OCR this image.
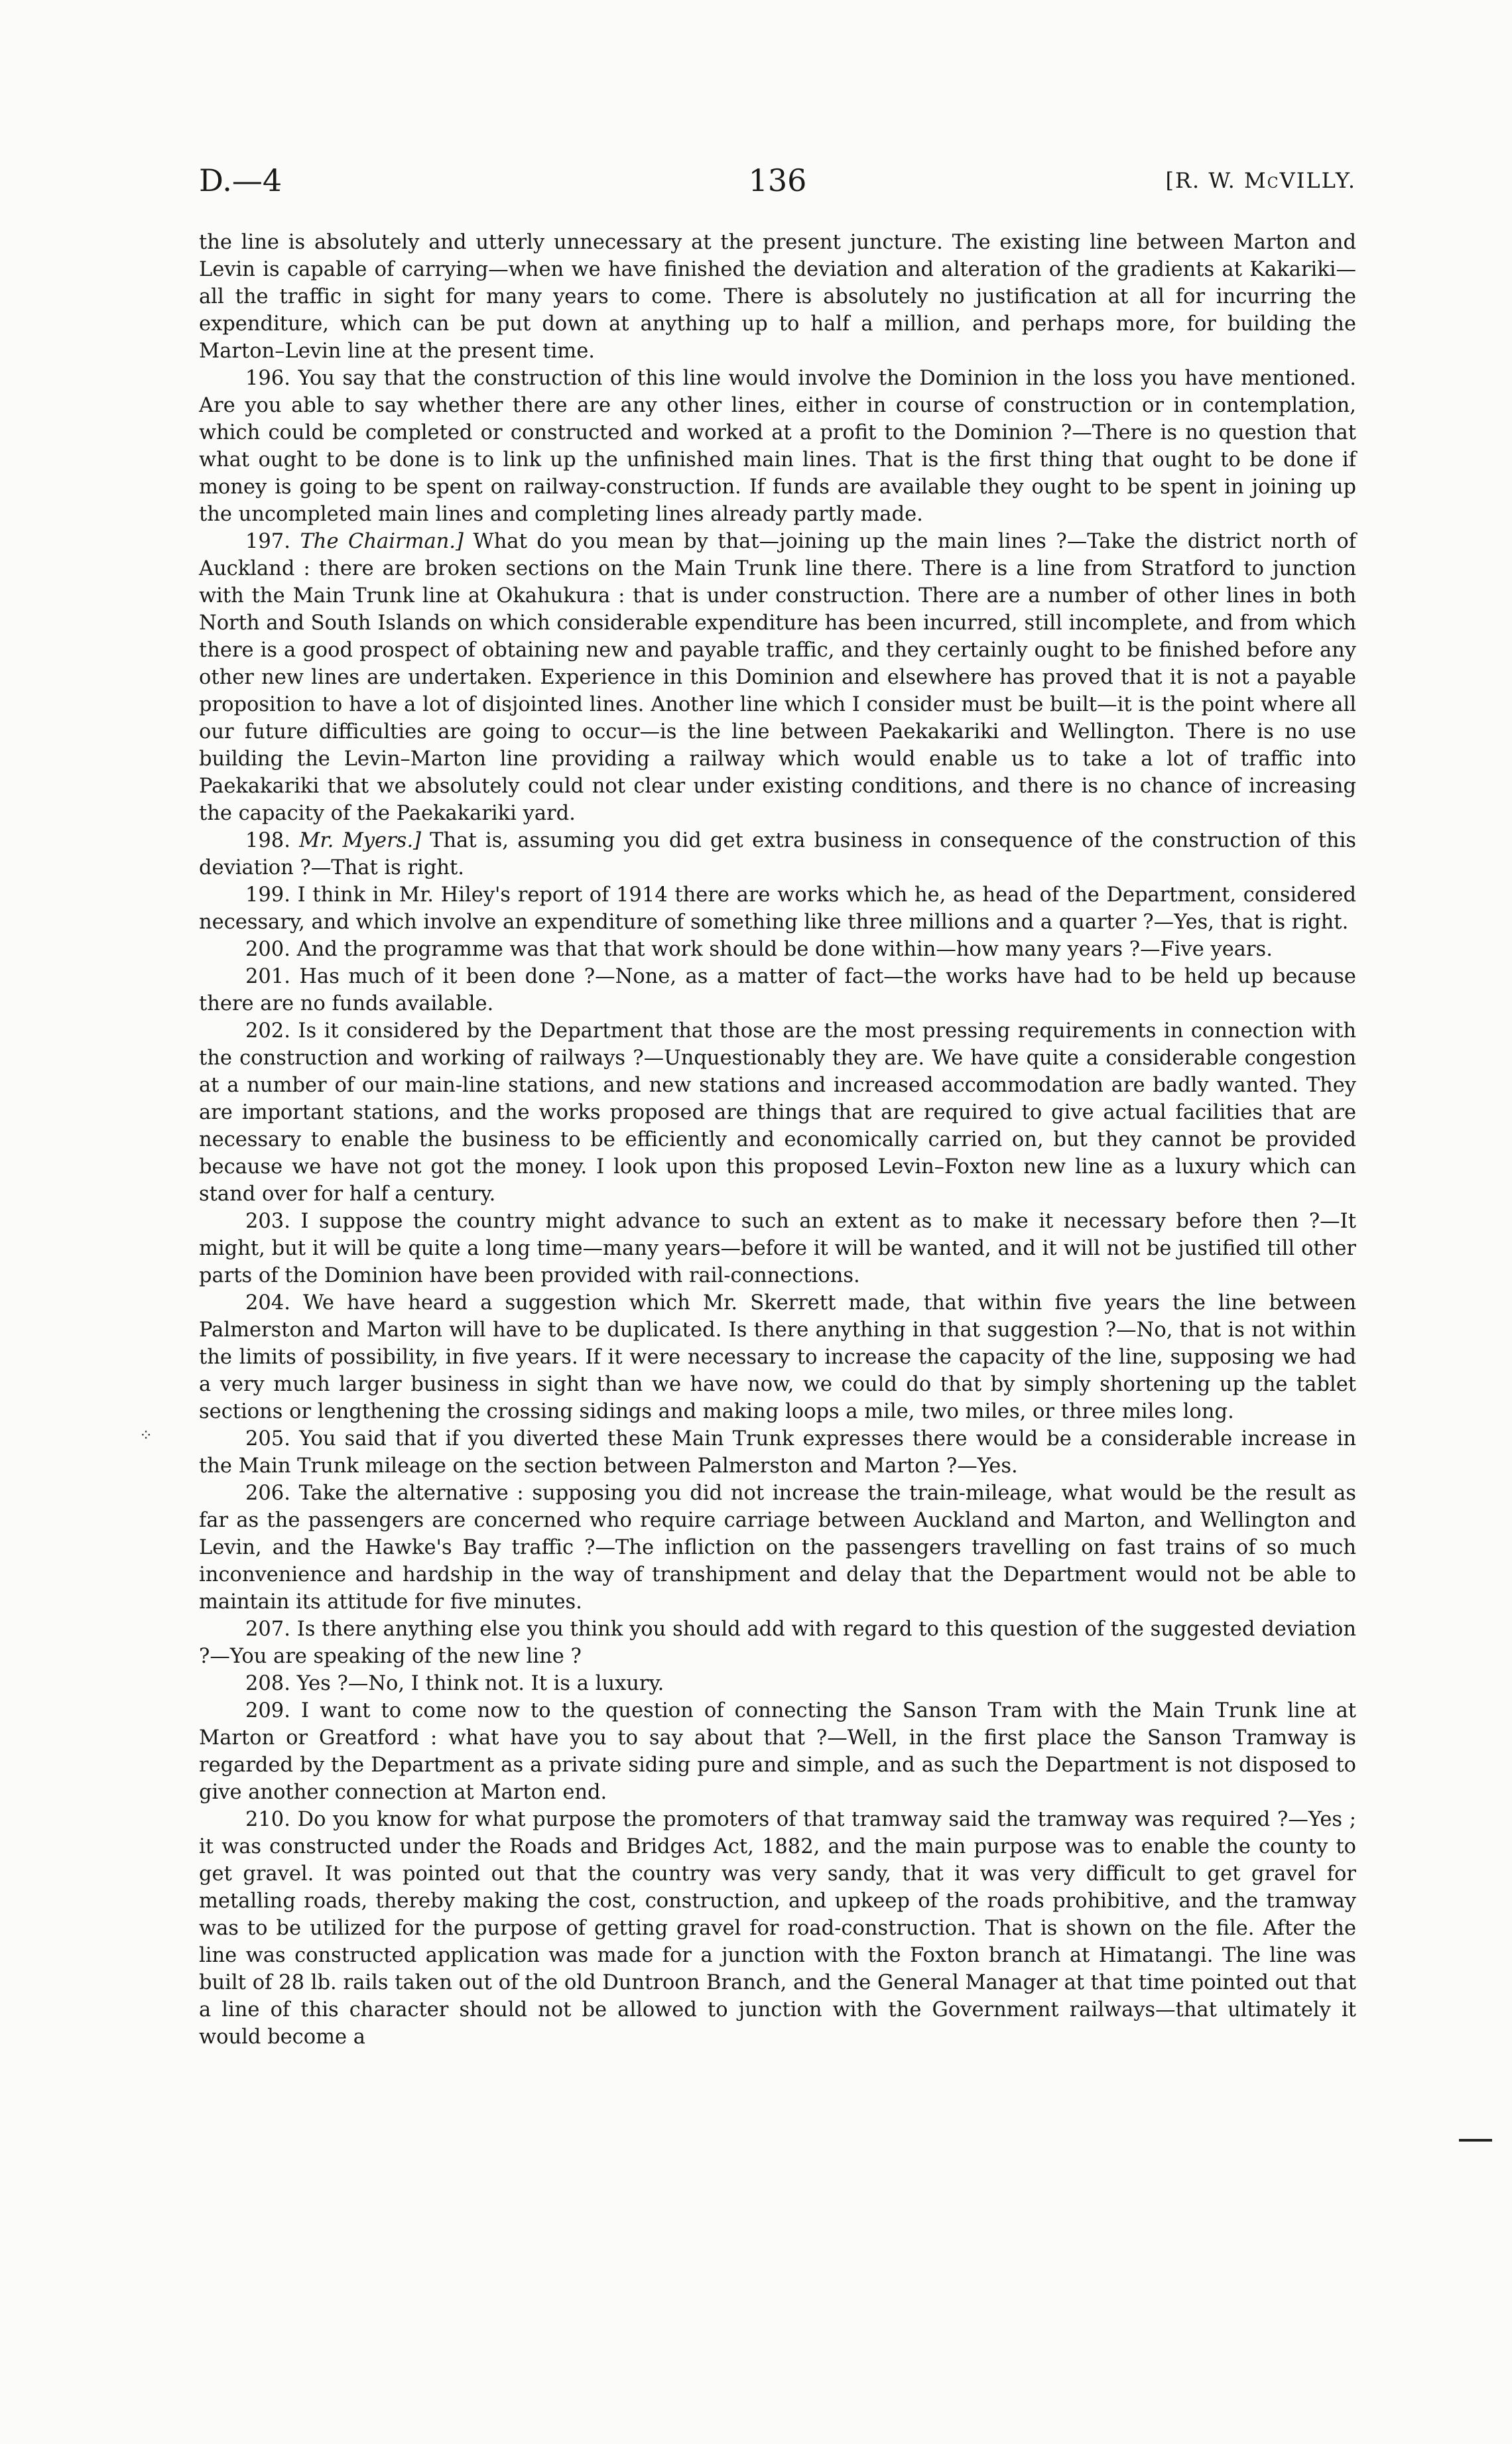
D.—4	136	[R. W. McVILLY.

the line is absolutely and utterly unnecessary at the present juncture. The existing line between Marton and Levin is capable of carrying—when we have finished the deviation and alteration of the gradients at Kakariki—all the traffic in sight for many years to come. There is absolutely no justification at all for incurring the expenditure, which can be put down at anything up to half a million, and perhaps more, for building the Marton–Levin line at the present time.

196. You say that the construction of this line would involve the Dominion in the loss you have mentioned. Are you able to say whether there are any other lines, either in course of construction or in contemplation, which could be completed or constructed and worked at a profit to the Dominion ?—There is no question that what ought to be done is to link up the unfinished main lines. That is the first thing that ought to be done if money is going to be spent on railway-construction. If funds are available they ought to be spent in joining up the uncompleted main lines and completing lines already partly made.

197. The Chairman.] What do you mean by that—joining up the main lines ?—Take the district north of Auckland : there are broken sections on the Main Trunk line there. There is a line from Stratford to junction with the Main Trunk line at Okahukura : that is under construction. There are a number of other lines in both North and South Islands on which considerable expenditure has been incurred, still incomplete, and from which there is a good prospect of obtaining new and payable traffic, and they certainly ought to be finished before any other new lines are undertaken. Experience in this Dominion and elsewhere has proved that it is not a payable proposition to have a lot of disjointed lines. Another line which I consider must be built—it is the point where all our future difficulties are going to occur—is the line between Paekakariki and Wellington. There is no use building the Levin–Marton line providing a railway which would enable us to take a lot of traffic into Paekakariki that we absolutely could not clear under existing conditions, and there is no chance of increasing the capacity of the Paekakariki yard.

198. Mr. Myers.] That is, assuming you did get extra business in consequence of the construction of this deviation ?—That is right.

199. I think in Mr. Hiley's report of 1914 there are works which he, as head of the Department, considered necessary, and which involve an expenditure of something like three millions and a quarter ?—Yes, that is right.

200. And the programme was that that work should be done within—how many years ?—Five years.

201. Has much of it been done ?—None, as a matter of fact—the works have had to be held up because there are no funds available.

202. Is it considered by the Department that those are the most pressing requirements in connection with the construction and working of railways ?—Unquestionably they are. We have quite a considerable congestion at a number of our main-line stations, and new stations and increased accommodation are badly wanted. They are important stations, and the works proposed are things that are required to give actual facilities that are necessary to enable the business to be efficiently and economically carried on, but they cannot be provided because we have not got the money. I look upon this proposed Levin–Foxton new line as a luxury which can stand over for half a century.

203. I suppose the country might advance to such an extent as to make it necessary before then ?—It might, but it will be quite a long time—many years—before it will be wanted, and it will not be justified till other parts of the Dominion have been provided with rail-connections.

204. We have heard a suggestion which Mr. Skerrett made, that within five years the line between Palmerston and Marton will have to be duplicated. Is there anything in that suggestion ?—No, that is not within the limits of possibility, in five years. If it were necessary to increase the capacity of the line, supposing we had a very much larger business in sight than we have now, we could do that by simply shortening up the tablet sections or lengthening the crossing sidings and making loops a mile, two miles, or three miles long.

205. You said that if you diverted these Main Trunk expresses there would be a considerable increase in the Main Trunk mileage on the section between Palmerston and Marton ?—Yes.

206. Take the alternative : supposing you did not increase the train-mileage, what would be the result as far as the passengers are concerned who require carriage between Auckland and Marton, and Wellington and Levin, and the Hawke's Bay traffic ?—The infliction on the passengers travelling on fast trains of so much inconvenience and hardship in the way of transhipment and delay that the Department would not be able to maintain its attitude for five minutes.

207. Is there anything else you think you should add with regard to this question of the suggested deviation ?—You are speaking of the new line ?

208. Yes ?—No, I think not. It is a luxury.

209. I want to come now to the question of connecting the Sanson Tram with the Main Trunk line at Marton or Greatford : what have you to say about that ?—Well, in the first place the Sanson Tramway is regarded by the Department as a private siding pure and simple, and as such the Department is not disposed to give another connection at Marton end.

210. Do you know for what purpose the promoters of that tramway said the tramway was required ?—Yes ; it was constructed under the Roads and Bridges Act, 1882, and the main purpose was to enable the county to get gravel. It was pointed out that the country was very sandy, that it was very difficult to get gravel for metalling roads, thereby making the cost, construction, and upkeep of the roads prohibitive, and the tramway was to be utilized for the purpose of getting gravel for road-construction. That is shown on the file. After the line was constructed application was made for a junction with the Foxton branch at Himatangi. The line was built of 28 lb. rails taken out of the old Duntroon Branch, and the General Manager at that time pointed out that a line of this character should not be allowed to junction with the Government railways—that ultimately it would become a

⁘
